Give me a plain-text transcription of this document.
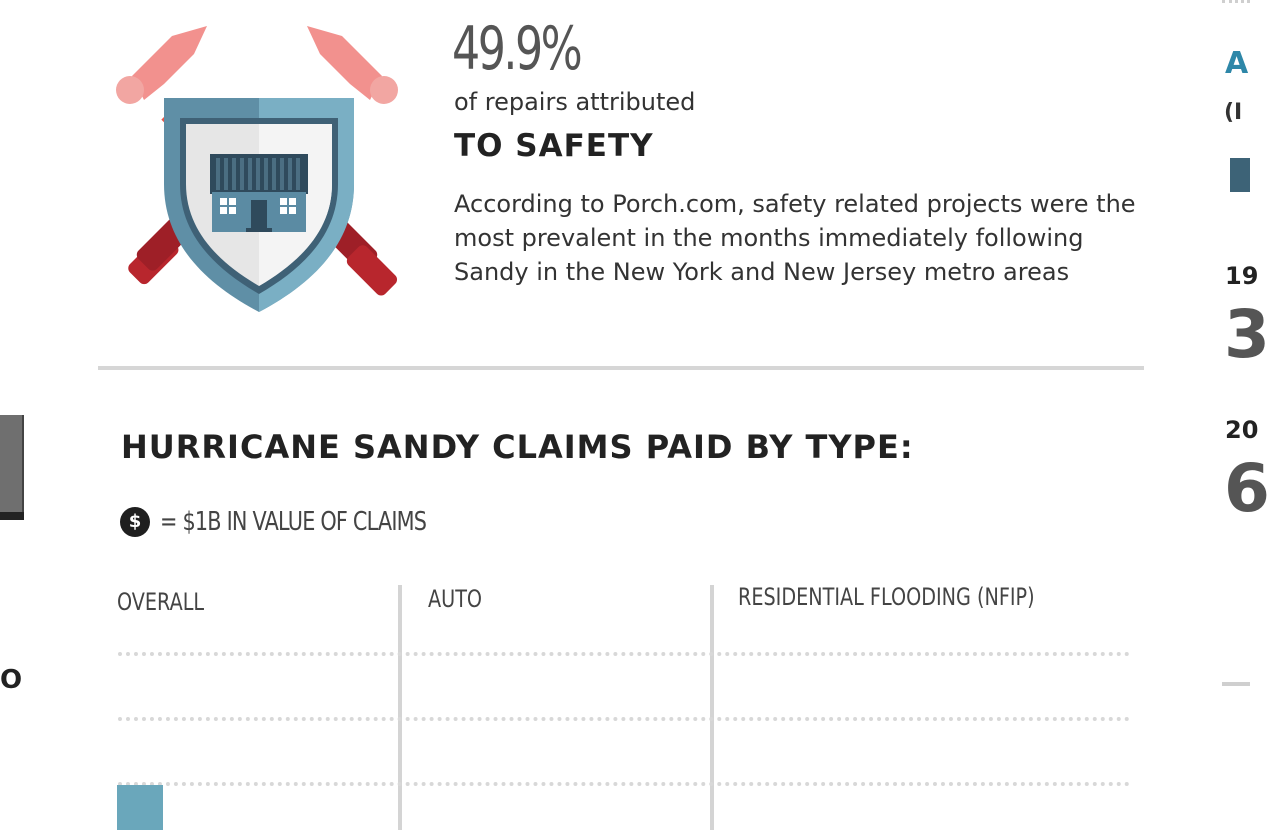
49.9%
of repairs attributed
TO SAFETY
According to Porch.com, safety related projects were the most prevalent in the months immediately following Sandy in the New York and New Jersey metro areas
HURRICANE SANDY CLAIMS PAID BY TYPE:
$ = $1B IN VALUE OF CLAIMS
OVERALL	AUTO	RESIDENTIAL FLOODING (NFIP)
A
(I
19
3
20
6
O
